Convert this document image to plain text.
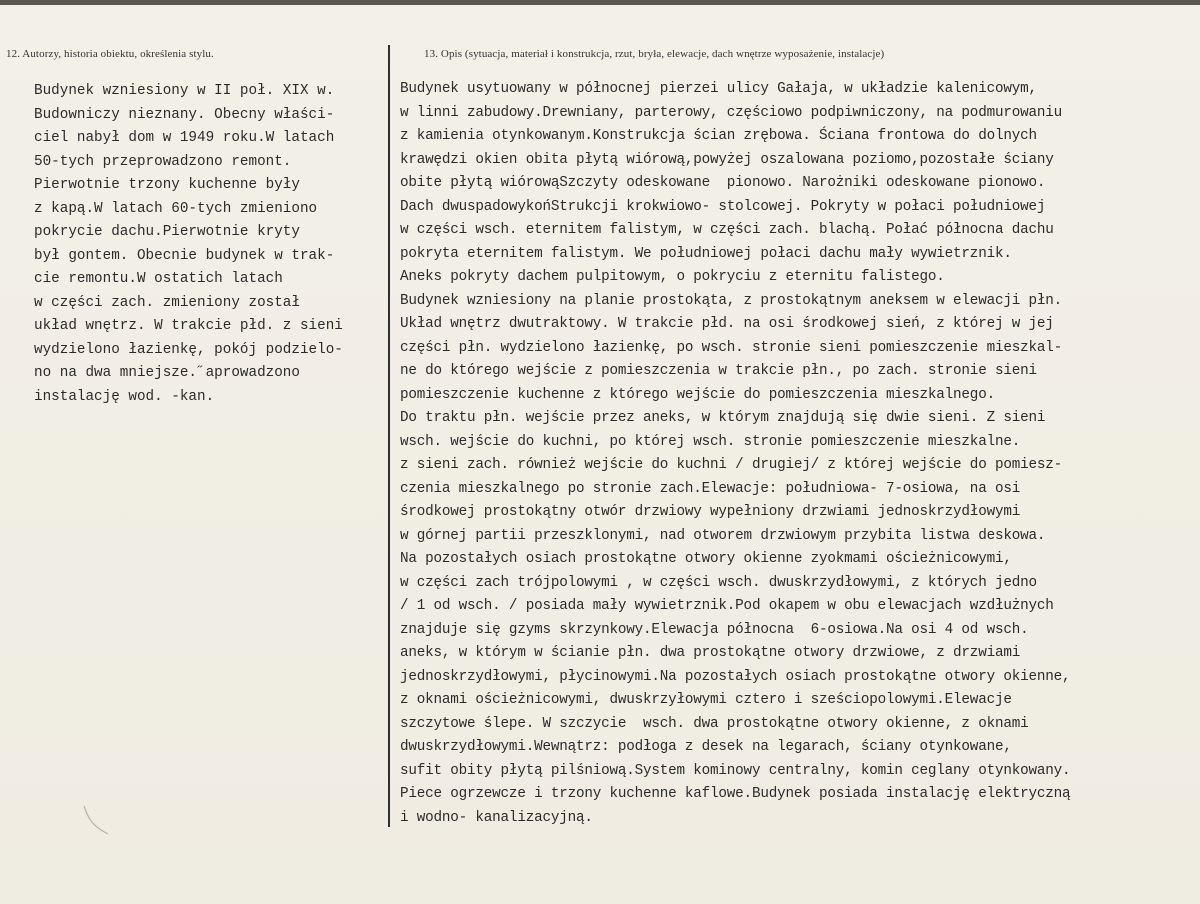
12. Autorzy, historia obiektu, określenia stylu.	13. Opis (sytuacja, materiał i konstrukcja, rzut, bryła, elewacje, dach wnętrze wyposażenie, instalacje)
Budynek wzniesiony w II poł. XIX w.
Budowniczy nieznany. Obecny właści-
ciel nabył dom w 1949 roku.W latach
50-tych przeprowadzono remont.
Pierwotnie trzony kuchenne były
z kapą.W latach 60-tych zmieniono
pokrycie dachu.Pierwotnie kryty
był gontem. Obecnie budynek w trak-
cie remontu.W ostatich latach
w części zach. zmieniony został
układ wnętrz. W trakcie płd. z sieni
wydzielono łazienkę, pokój podzielo-
no na dwa mniejsze.˝aprowadzono
instalację wod. -kan.
Budynek usytuowany w północnej pierzei ulicy Gałaja, w układzie kalenicowym,
w linni zabudowy.Drewniany, parterowy, częściowo podpiwniczony, na podmurowaniu
z kamienia otynkowanym.Konstrukcja ścian zrębowa. Ściana frontowa do dolnych
krawędzi okien obita płytą wiórową,powyżej oszalowana poziomo,pozostałe ściany
obite płytą wiórowąSzczyty odeskowane  pionowo. Narożniki odeskowane pionowo.
Dach dwuspadowykońStrukcji krokwiowo- stolcowej. Pokryty w połaci południowej
w części wsch. eternitem falistym, w części zach. blachą. Połać północna dachu
pokryta eternitem falistym. We południowej połaci dachu mały wywietrznik.
Aneks pokryty dachem pulpitowym, o pokryciu z eternitu falistego.
Budynek wzniesiony na planie prostokąta, z prostokątnym aneksem w elewacji płn.
Układ wnętrz dwutraktowy. W trakcie płd. na osi środkowej sień, z której w jej
części płn. wydzielono łazienkę, po wsch. stronie sieni pomieszczenie mieszkal-
ne do którego wejście z pomieszczenia w trakcie płn., po zach. stronie sieni
pomieszczenie kuchenne z którego wejście do pomieszczenia mieszkalnego.
Do traktu płn. wejście przez aneks, w którym znajdują się dwie sieni. Z sieni
wsch. wejście do kuchni, po której wsch. stronie pomieszczenie mieszkalne.
z sieni zach. również wejście do kuchni / drugiej/ z której wejście do pomiesz-
czenia mieszkalnego po stronie zach.Elewacje: południowa- 7-osiowa, na osi
środkowej prostokątny otwór drzwiowy wypełniony drzwiami jednoskrzydłowymi
w górnej partii przeszklonymi, nad otworem drzwiowym przybita listwa deskowa.
Na pozostałych osiach prostokątne otwory okienne zyokmami ościeżnicowymi,
w części zach trójpolowymi , w części wsch. dwuskrzydłowymi, z których jedno
/ 1 od wsch. / posiada mały wywietrznik.Pod okapem w obu elewacjach wzdłużnych
znajduje się gzyms skrzynkowy.Elewacja północna  6-osiowa.Na osi 4 od wsch.
aneks, w którym w ścianie płn. dwa prostokątne otwory drzwiowe, z drzwiami
jednoskrzydłowymi, płycinowymi.Na pozostałych osiach prostokątne otwory okienne,
z oknami ościeżnicowymi, dwuskrzyłowymi cztero i sześciopolowymi.Elewacje
szczytowe ślepe. W szczycie  wsch. dwa prostokątne otwory okienne, z oknami
dwuskrzydłowymi.Wewnątrz: podłoga z desek na legarach, ściany otynkowane,
sufit obity płytą pilśniową.System kominowy centralny, komin ceglany otynkowany.
Piece ogrzewcze i trzony kuchenne kaflowe.Budynek posiada instalację elektryczną
i wodno- kanalizacyjną.
